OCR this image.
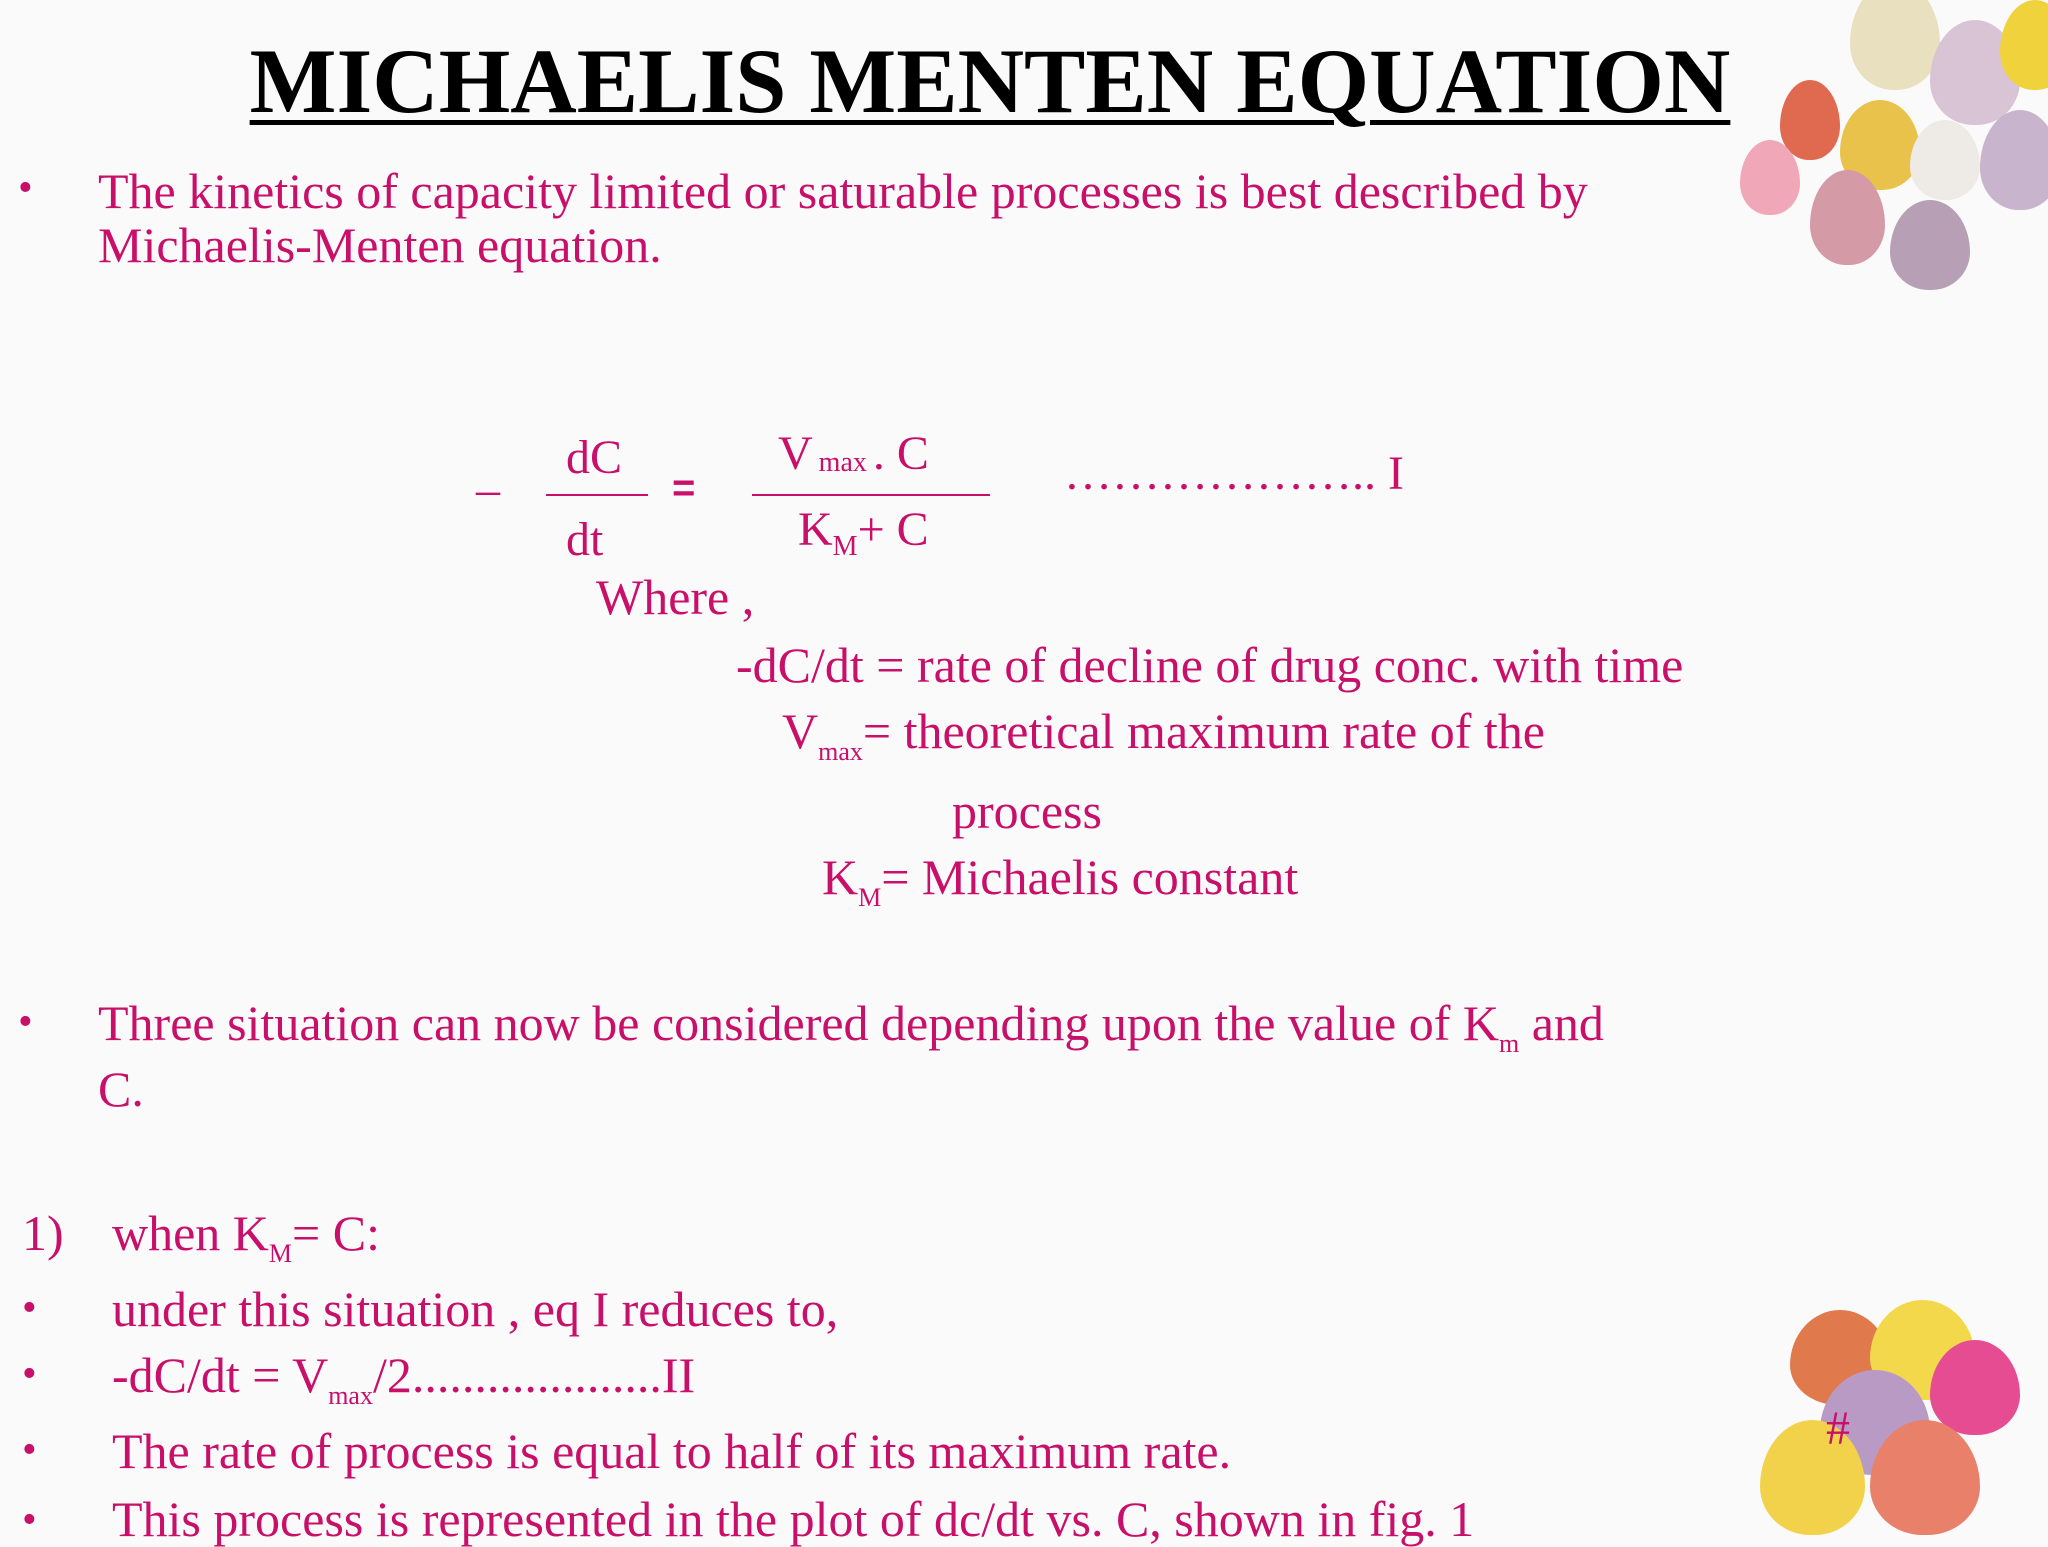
MICHAELIS MENTEN EQUATION
• The kinetics of capacity limited or saturable processes is best described by
Michaelis-Menten equation.
–
dC
dt
=
Vmax . C
$K_M+ C$
……………….. I
Where ,
-dC/dt = rate of decline of drug conc. with time
$V_{max}=$ theoretical maximum rate of the
process
$K_M=$ Michaelis constant
• Three situation can now be considered depending upon the value of $K_m$ and
C.
1) when $K_M= C$:
• under this situation , eq I reduces to,
• $-dC/dt = V_{max}/2....................II$
• The rate of process is equal to half of its maximum rate.
• This process is represented in the plot of dc/dt vs. C, shown in fig. 1
#
